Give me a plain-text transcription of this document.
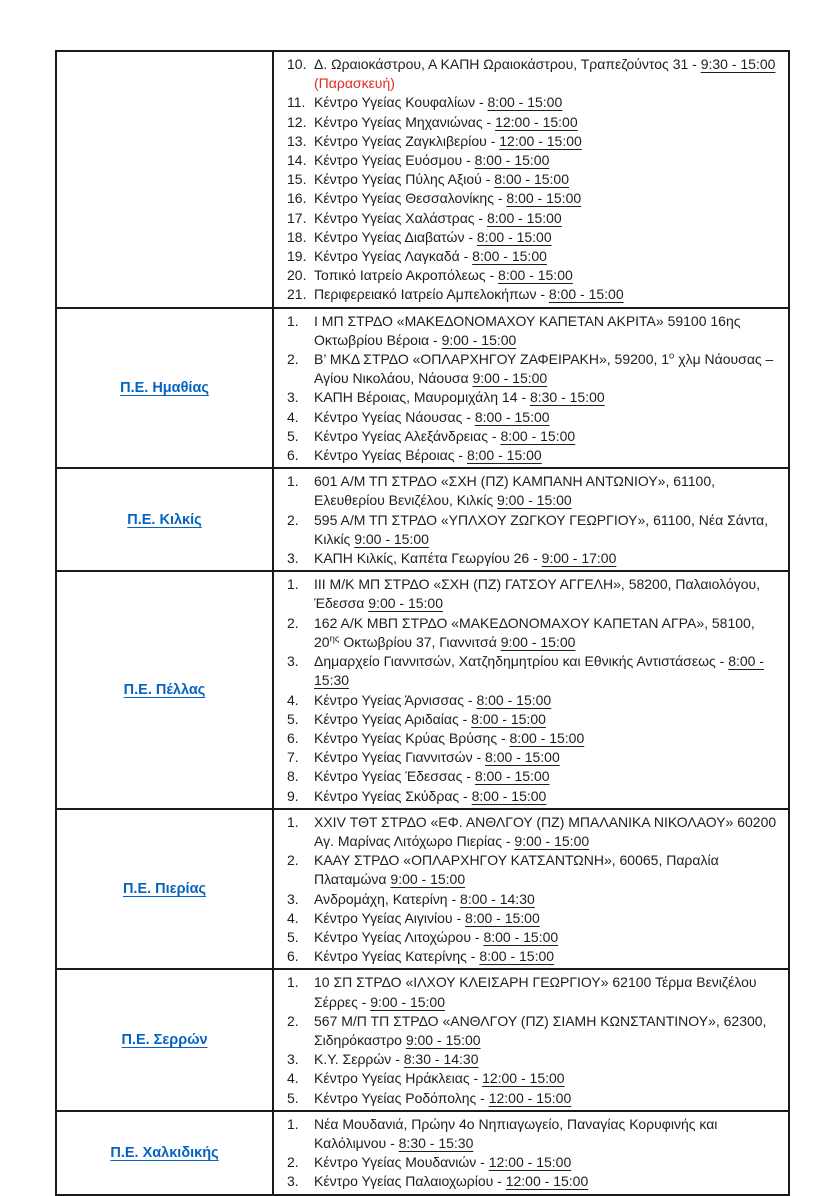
10. Δ. Ωραιοκάστρου, Α ΚΑΠΗ Ωραιοκάστρου, Τραπεζούντος 31 - 9:30 - 15:00 (Παρασκευή)
11. Κέντρο Υγείας Κουφαλίων - 8:00 - 15:00
12. Κέντρο Υγείας Μηχανιώνας - 12:00 - 15:00
13. Κέντρο Υγείας Ζαγκλιβερίου - 12:00 - 15:00
14. Κέντρο Υγείας Ευόσμου - 8:00 - 15:00
15. Κέντρο Υγείας Πύλης Αξιού - 8:00 - 15:00
16. Κέντρο Υγείας Θεσσαλονίκης - 8:00 - 15:00
17. Κέντρο Υγείας Χαλάστρας - 8:00 - 15:00
18. Κέντρο Υγείας Διαβατών - 8:00 - 15:00
19. Κέντρο Υγείας Λαγκαδά - 8:00 - 15:00
20. Τοπικό Ιατρείο Ακροπόλεως - 8:00 - 15:00
21. Περιφερειακό Ιατρείο Αμπελοκήπων - 8:00 - 15:00

Π.Ε. Ημαθίας	
1. Ι ΜΠ ΣΤΡΔΟ «ΜΑΚΕΔΟΝΟΜΑΧΟΥ ΚΑΠΕΤΑΝ ΑΚΡΙΤΑ» 59100 16ης Οκτωβρίου Βέροια - 9:00 - 15:00
2. Β’ ΜΚΔ ΣΤΡΔΟ «ΟΠΛΑΡΧΗΓΟΥ ΖΑΦΕΙΡΑΚΗ», 59200, $1^o$ χλμ Νάουσας – Αγίου Νικολάου, Νάουσα 9:00 - 15:00
3. ΚΑΠΗ Βέροιας, Μαυρομιχάλη 14 - 8:30 - 15:00
4. Κέντρο Υγείας Νάουσας - 8:00 - 15:00
5. Κέντρο Υγείας Αλεξάνδρειας - 8:00 - 15:00
6. Κέντρο Υγείας Βέροιας - 8:00 - 15:00

Π.Ε. Κιλκίς	
1. 601 Α/Μ ΤΠ ΣΤΡΔΟ «ΣΧΗ (ΠΖ) ΚΑΜΠΑΝΗ ΑΝΤΩΝΙΟΥ», 61100, Ελευθερίου Βενιζέλου, Κιλκίς 9:00 - 15:00
2. 595 Α/Μ ΤΠ ΣΤΡΔΟ «ΥΠΛΧΟΥ ΖΩΓΚΟΥ ΓΕΩΡΓΙΟΥ», 61100, Νέα Σάντα, Κιλκίς 9:00 - 15:00
3. ΚΑΠΗ Κιλκίς, Καπέτα Γεωργίου 26 - 9:00 - 17:00

Π.Ε. Πέλλας	
1. ΙΙΙ Μ/Κ ΜΠ ΣΤΡΔΟ «ΣΧΗ (ΠΖ) ΓΑΤΣΟΥ ΑΓΓΕΛΗ», 58200, Παλαιολόγου, Έδεσσα 9:00 - 15:00
2. 162 Α/Κ ΜΒΠ ΣΤΡΔΟ «ΜΑΚΕΔΟΝΟΜΑΧΟΥ ΚΑΠΕΤΑΝ ΑΓΡΑ», 58100, $20^{\eta\varsigma}$ Οκτωβρίου 37, Γιαννιτσά 9:00 - 15:00
3. Δημαρχείο Γιαννιτσών, Χατζηδημητρίου και Εθνικής Αντιστάσεως - 8:00 - 15:30
4. Κέντρο Υγείας Άρνισσας - 8:00 - 15:00
5. Κέντρο Υγείας Αριδαίας - 8:00 - 15:00
6. Κέντρο Υγείας Κρύας Βρύσης - 8:00 - 15:00
7. Κέντρο Υγείας Γιαννιτσών - 8:00 - 15:00
8. Κέντρο Υγείας Έδεσσας - 8:00 - 15:00
9. Κέντρο Υγείας Σκύδρας - 8:00 - 15:00

Π.Ε. Πιερίας	
1. XXIV ΤΘΤ ΣΤΡΔΟ «ΕΦ. ΑΝΘΛΓΟΥ (ΠΖ) ΜΠΑΛΑΝΙΚΑ ΝΙΚΟΛΑΟΥ» 60200 Αγ. Μαρίνας Λιτόχωρο Πιερίας - 9:00 - 15:00
2. ΚΑΑΥ ΣΤΡΔΟ «ΟΠΛΑΡΧΗΓΟΥ ΚΑΤΣΑΝΤΩΝΗ», 60065, Παραλία Πλαταμώνα 9:00 - 15:00
3. Ανδρομάχη, Κατερίνη - 8:00 - 14:30
4. Κέντρο Υγείας Αιγινίου - 8:00 - 15:00
5. Κέντρο Υγείας Λιτοχώρου - 8:00 - 15:00
6. Κέντρο Υγείας Κατερίνης - 8:00 - 15:00

Π.Ε. Σερρών	
1. 10 ΣΠ ΣΤΡΔΟ «ΙΛΧΟΥ ΚΛΕΙΣΑΡΗ ΓΕΩΡΓΙΟΥ» 62100 Τέρμα Βενιζέλου Σέρρες - 9:00 - 15:00
2. 567 Μ/Π ΤΠ ΣΤΡΔΟ «ΑΝΘΛΓΟΥ (ΠΖ) ΣΙΑΜΗ ΚΩΝΣΤΑΝΤΙΝΟΥ», 62300, Σιδηρόκαστρο 9:00 - 15:00
3. Κ.Υ. Σερρών - 8:30 - 14:30
4. Κέντρο Υγείας Ηράκλειας - 12:00 - 15:00
5. Κέντρο Υγείας Ροδόπολης - 12:00 - 15:00

Π.Ε. Χαλκιδικής	
1. Νέα Μουδανιά, Πρώην 4ο Νηπιαγωγείο, Παναγίας Κορυφινής και Καλόλιμνου - 8:30 - 15:30
2. Κέντρο Υγείας Μουδανιών - 12:00 - 15:00
3. Κέντρο Υγείας Παλαιοχωρίου - 12:00 - 15:00
